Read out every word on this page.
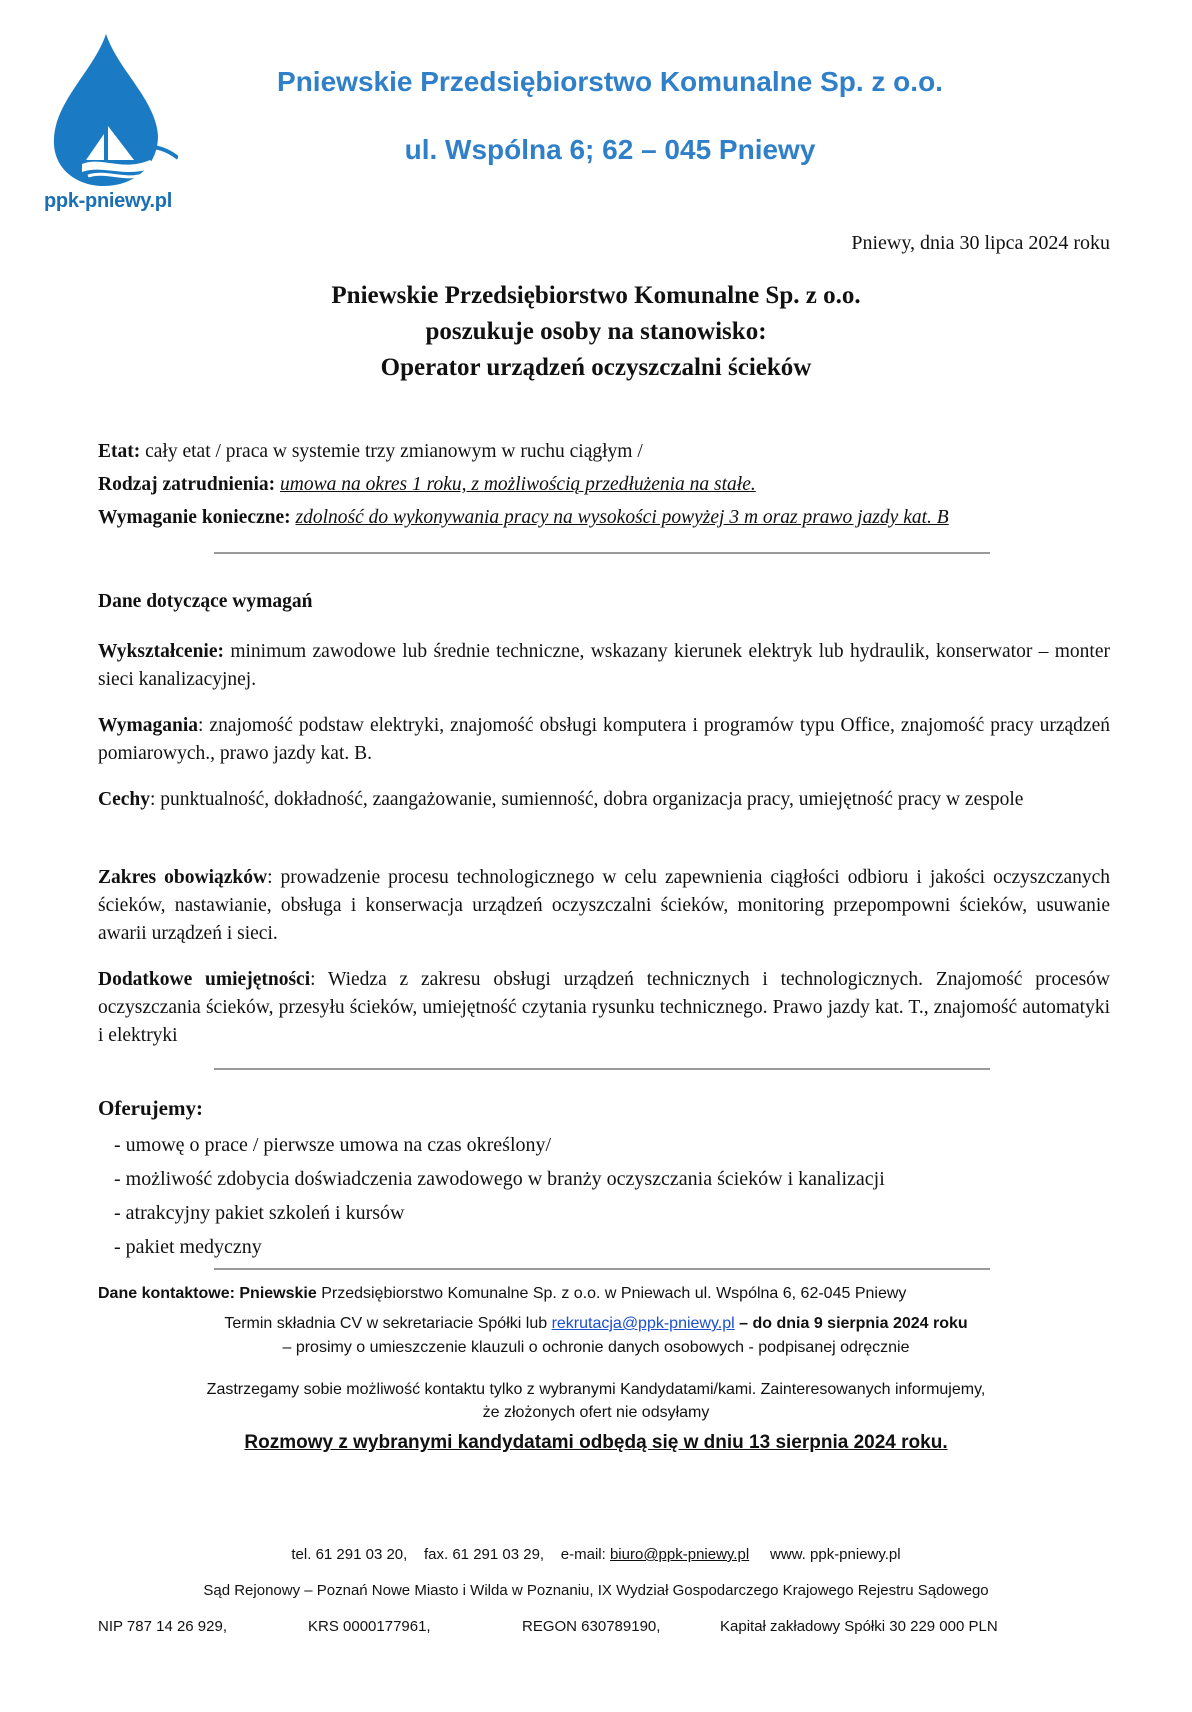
ppk-pniewy.pl
Pniewskie Przedsiębiorstwo Komunalne Sp. z o.o.
ul. Wspólna 6; 62 – 045 Pniewy
Pniewy, dnia 30 lipca 2024 roku
Pniewskie Przedsiębiorstwo Komunalne Sp. z o.o.
poszukuje osoby na stanowisko:
Operator urządzeń oczyszczalni ścieków
Etat: cały etat / praca w systemie trzy zmianowym w ruchu ciągłym /
Rodzaj zatrudnienia: umowa na okres 1 roku, z możliwością przedłużenia na stałe.
Wymaganie konieczne: zdolność do wykonywania pracy na wysokości powyżej 3 m oraz prawo jazdy kat. B
Dane dotyczące wymagań
Wykształcenie: minimum zawodowe lub średnie techniczne, wskazany kierunek elektryk lub hydraulik, konserwator – monter sieci kanalizacyjnej.
Wymagania: znajomość podstaw elektryki, znajomość obsługi komputera i programów typu Office, znajomość pracy urządzeń pomiarowych., prawo jazdy kat. B.
Cechy: punktualność, dokładność, zaangażowanie, sumienność, dobra organizacja pracy, umiejętność pracy w zespole
Zakres obowiązków: prowadzenie procesu technologicznego w celu zapewnienia ciągłości odbioru i jakości oczyszczanych ścieków, nastawianie, obsługa i konserwacja urządzeń oczyszczalni ścieków, monitoring przepompowni ścieków, usuwanie awarii urządzeń i sieci.
Dodatkowe umiejętności: Wiedza z zakresu obsługi urządzeń technicznych i technologicznych. Znajomość procesów oczyszczania ścieków, przesyłu ścieków, umiejętność czytania rysunku technicznego. Prawo jazdy kat. T., znajomość automatyki i elektryki
Oferujemy:
- umowę o prace / pierwsze umowa na czas określony/
- możliwość zdobycia doświadczenia zawodowego w branży oczyszczania ścieków i kanalizacji
- atrakcyjny pakiet szkoleń i kursów
- pakiet medyczny
Dane kontaktowe: Pniewskie Przedsiębiorstwo Komunalne Sp. z o.o. w Pniewach ul. Wspólna 6, 62-045 Pniewy
Termin składnia CV w sekretariacie Spółki lub rekrutacja@ppk-pniewy.pl – do dnia 9 sierpnia 2024 roku
– prosimy o umieszczenie klauzuli o ochronie danych osobowych - podpisanej odręcznie
Zastrzegamy sobie możliwość kontaktu tylko z wybranymi Kandydatami/kami. Zainteresowanych informujemy,
że złożonych ofert nie odsyłamy
Rozmowy z wybranymi kandydatami odbędą się w dniu 13 sierpnia 2024 roku.
tel. 61 291 03 20, fax. 61 291 03 29, e-mail: biuro@ppk-pniewy.pl www. ppk-pniewy.pl
Sąd Rejonowy – Poznań Nowe Miasto i Wilda w Poznaniu, IX Wydział Gospodarczego Krajowego Rejestru Sądowego
NIP 787 14 26 929,	KRS 0000177961,	REGON 630789190,	Kapitał zakładowy Spółki 30 229 000 PLN
